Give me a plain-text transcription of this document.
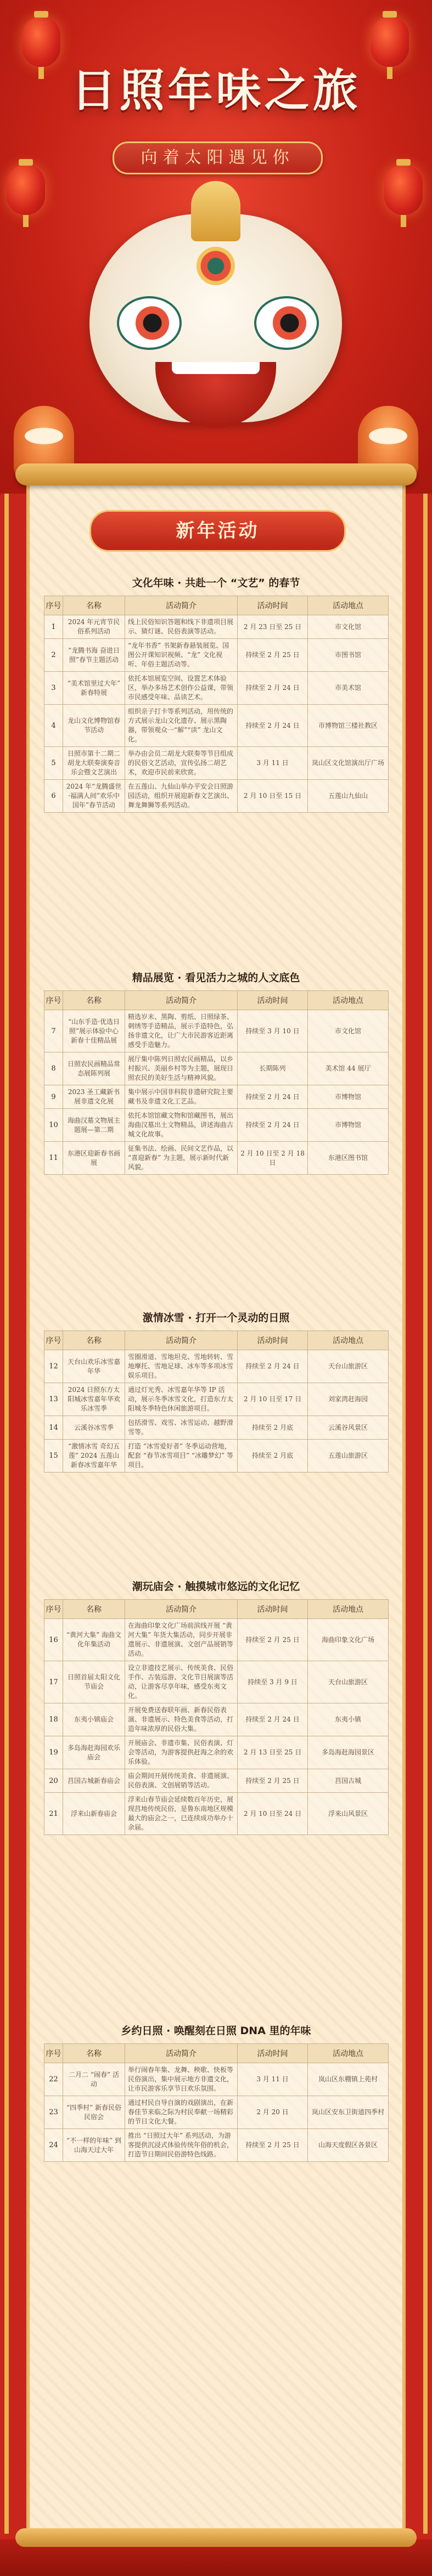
日照年味之旅
向着太阳遇见你
新年活动
文化年味 · 共赴一个 “文艺” 的春节
序号	名称	活动简介	活动时间	活动地点
1	2024 年元宵节民俗系列活动	线上民俗知识答题和线下非遗项目展示、猜灯谜、民俗表演等活动。	2 月 23 日至 25 日	市文化馆
2	“龙腾书海 奋进日照”春节主题活动	“龙年书香” 书架新春悬装展览、国图公开课知识视频、“龙” 文化视听、年俗主题活动等。	持续至 2 月 25 日	市图书馆
3	“美术馆里过大年” 新春特展	依托本馆展览空间、设置艺术体验区，举办多场艺术创作公益课，带领市民感受年味、品读艺术。	持续至 2 月 24 日	市美术馆
4	龙山文化博物馆春节活动	组织亲子打卡等系列活动，用传统的方式展示龙山文化遗存、展示黑陶器，带领观众一“解”“读” 龙山文化。	持续至 2 月 24 日	市博物馆三楼社教区
5	日照市第十二期二胡龙大联奏演奏音乐会暨文艺演出	举办由会员二胡龙大联奏等节目组成的民俗文艺活动，宣传弘扬二胡艺术，欢迎市民前来欣赏。	3 月 11 日	岚山区文化馆演出厅广场
6	2024 年“龙腾盛世·福满人间”欢乐中国年”春节活动	在五莲山、九仙山举办平安会日照游园活动，组织开展迎新春文艺演出、舞龙舞狮等系列活动。	2 月 10 日至 15 日	五莲山九仙山
精品展览 · 看见活力之城的人文底色
序号	名称	活动简介	活动时间	活动地点
7	“山东手造·优选日照”展示体验中心新春十佳精品展	精选岁末、黑陶、剪纸、日照绿茶、刺绣等手造精品，展示手造特色，弘扬非遗文化，让广大市民游客近距离感受手造魅力。	持续至 3 月 10 日	市文化馆
8	日照农民画精品常态展陈列展	展厅集中陈列日照农民画精品，以乡村振兴、美丽乡村等为主题，展现日照农民的美好生活与精神风貌。	长期陈列	美术馆 44 展厅
9	2023 圣工藏新书展非遗文化展	集中展示中国非科院非遗研究院主要藏书及非遗文化工艺品。	持续至 2 月 24 日	市博物馆
10	海曲汉墓文物展主题展—第二期	依托本馆馆藏文物和馆藏图书，展出海曲汉墓出土文物精品，讲述海曲古城文化故事。	持续至 2 月 24 日	市博物馆
11	东港区迎新春书画展	征集书法、绘画、民间文艺作品，以 “喜迎新春” 为主题，展示新时代新风貌。	2 月 10 日至 2 月 18 日	东港区图书馆
激情冰雪 · 打开一个灵动的日照
序号	名称	活动简介	活动时间	活动地点
12	天台山欢乐冰雪嘉年华	雪圈滑道、雪地坦克、雪地转转、雪地摩托、雪地足球、冰车等多项冰雪娱乐项目。	持续至 2 月 24 日	天台山旅游区
13	2024 日照东方太阳城冰雪嘉年华欢乐冰雪季	通过灯光秀、冰雪嘉年华等 IP 活动，展示冬季冰雪文化，打造东方太阳城冬季特色休闲旅游项目。	2 月 10 日至 17 日	刘家湾赶海园
14	云溪谷冰雪季	包括滑雪、戏雪、冰雪运动、越野滑雪等。	持续至 2 月底	云溪谷风景区
15	“激情冰雪 奇幻五莲” 2024 五莲山新春冰雪嘉年华	打造 “冰雪爱好者” 冬季运动营地，配套 “春节冰雪项目” “冰雕梦幻” 等项目。	持续至 2 月底	五莲山旅游区
潮玩庙会 · 触摸城市悠远的文化记忆
序号	名称	活动简介	活动时间	活动地点
16	“黄河大集” 海曲文化年集活动	在海曲印象文化广场前滨线开展 “黄河大集” 年货大集活动，同步开展非遗展示、非遗展演、文创产品展销等活动。	持续至 2 月 25 日	海曲印象文化广场
17	日照首届太阳文化节庙会	设立非遗技艺展示、传统美食、民俗手作、古装巡游、文化节目展演等活动，让游客尽享年味，感受东夷文化。	持续至 3 月 9 日	天台山旅游区
18	东夷小镇庙会	开展免费送春联年画、新春民俗表演、非遗展示、特色美食等活动，打造年味浓厚的民俗大集。	持续至 2 月 24 日	东夷小镇
19	多岛海赶海园欢乐庙会	开展庙会、非遗市集、民俗表演、灯会等活动，为游客提供赶海之余的欢乐体验。	2 月 13 日至 25 日	多岛海赶海园景区
20	莒国古城新春庙会	庙会期间开展传统美食、非遗展演、民俗表演、文创展销等活动。	持续至 2 月 25 日	莒国古城
21	浮来山新春庙会	浮来山春节庙会延续数百年历史，展现莒地传统民俗，是鲁东南地区规模最大的庙会之一，已连续成功举办十余届。	2 月 10 日至 24 日	浮来山风景区
乡约日照 · 唤醒刻在日照 DNA 里的年味
序号	名称	活动简介	活动时间	活动地点
22	二月二 “闹春” 活动	举行闹春年集、龙舞、秧歌、快板等民俗演出，集中展示地方非遗文化，让市民游客乐享节日欢乐氛围。	3 月 11 日	岚山区东棚镇上苑村
23	“四季村” 新春民俗民宿会	通过村民自导自演的戏剧演出，在新春佳节来临之际为村民奉献一场精彩的节日文化大餐。	2 月 20 日	岚山区安东卫街道四季村
24	“不一样的年味” 到山海天过大年	推出 “日照过大年” 系列活动，为游客提供沉浸式体验传统年俗的机会，打造节日期间民俗游特色线路。	持续至 2 月 25 日	山海天度假区各景区
